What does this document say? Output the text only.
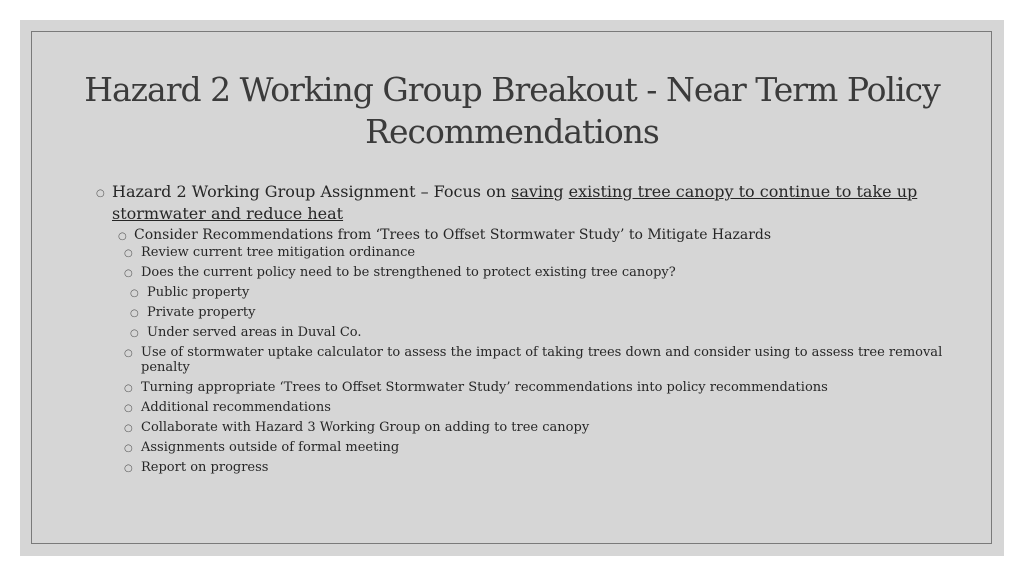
Hazard 2 Working Group Breakout - Near Term Policy Recommendations
○ Hazard 2 Working Group Assignment – Focus on saving existing tree canopy to continue to take up stormwater and reduce heat
○ Consider Recommendations from ‘Trees to Offset Stormwater Study’ to Mitigate Hazards
○ Review current tree mitigation ordinance
○ Does the current policy need to be strengthened to protect existing tree canopy?
○ Public property
○ Private property
○ Under served areas in Duval Co.
○ Use of stormwater uptake calculator to assess the impact of taking trees down and consider using to assess tree removal penalty
○ Turning appropriate ‘Trees to Offset Stormwater Study’ recommendations into policy recommendations
○ Additional recommendations
○ Collaborate with Hazard 3 Working Group on adding to tree canopy
○ Assignments outside of formal meeting
○ Report on progress
